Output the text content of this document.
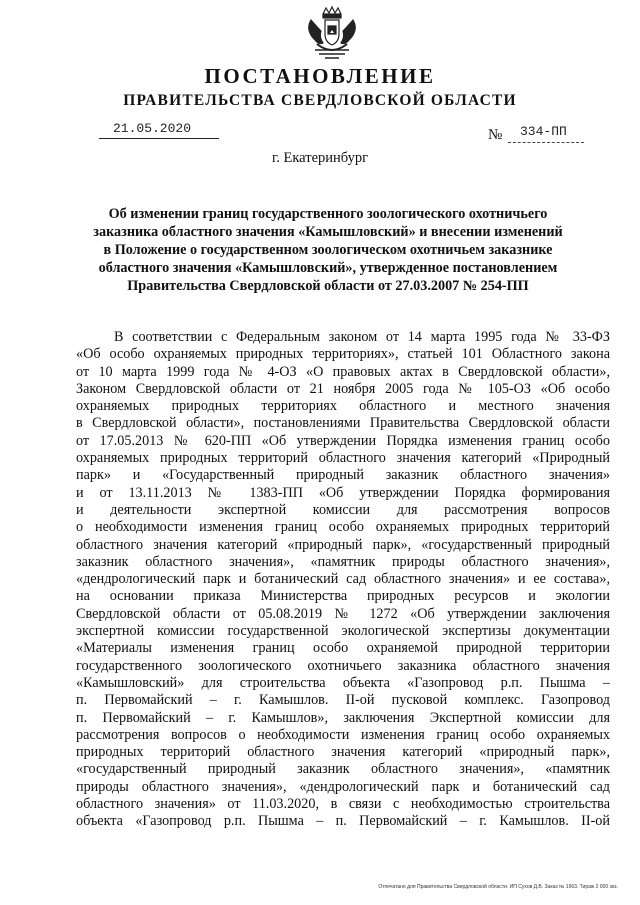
ПОСТАНОВЛЕНИЕ
ПРАВИТЕЛЬСТВА СВЕРДЛОВСКОЙ ОБЛАСТИ
21.05.2020	№ 334-ПП
г. Екатеринбург
Об изменении границ государственного зоологического охотничьего
заказника областного значения «Камышловский» и внесении изменений
в Положение о государственном зоологическом охотничьем заказнике
областного значения «Камышловский», утвержденное постановлением
Правительства Свердловской области от 27.03.2007 № 254-ПП
В соответствии с Федеральным законом от 14 марта 1995 года № 33-ФЗ
«Об особо охраняемых природных территориях», статьей 101 Областного закона
от 10 марта 1999 года № 4-ОЗ «О правовых актах в Свердловской области»,
Законом Свердловской области от 21 ноября 2005 года № 105-ОЗ «Об особо
охраняемых природных территориях областного и местного значения
в Свердловской области», постановлениями Правительства Свердловской области
от 17.05.2013 № 620-ПП «Об утверждении Порядка изменения границ особо
охраняемых природных территорий областного значения категорий «Природный
парк» и «Государственный природный заказник областного значения»
и от 13.11.2013 № 1383-ПП «Об утверждении Порядка формирования
и деятельности экспертной комиссии для рассмотрения вопросов
о необходимости изменения границ особо охраняемых природных территорий
областного значения категорий «природный парк», «государственный природный
заказник областного значения», «памятник природы областного значения»,
«дендрологический парк и ботанический сад областного значения» и ее состава»,
на основании приказа Министерства природных ресурсов и экологии
Свердловской области от 05.08.2019 № 1272 «Об утверждении заключения
экспертной комиссии государственной экологической экспертизы документации
«Материалы изменения границ особо охраняемой природной территории
государственного зоологического охотничьего заказника областного значения
«Камышловский» для строительства объекта «Газопровод р.п. Пышма –
п. Первомайский – г. Камышлов. II-ой пусковой комплекс. Газопровод
п. Первомайский – г. Камышлов», заключения Экспертной комиссии для
рассмотрения вопросов о необходимости изменения границ особо охраняемых
природных территорий областного значения категорий «природный парк»,
«государственный природный заказник областного значения», «памятник
природы областного значения», «дендрологический парк и ботанический сад
областного значения» от 11.03.2020, в связи с необходимостью строительства
объекта «Газопровод р.п. Пышма – п. Первомайский – г. Камышлов. II-ой
Отпечатано для Правительства Свердловской области. ИП Сухов Д.В. Заказ № 1963. Тираж 2 000 экз.
